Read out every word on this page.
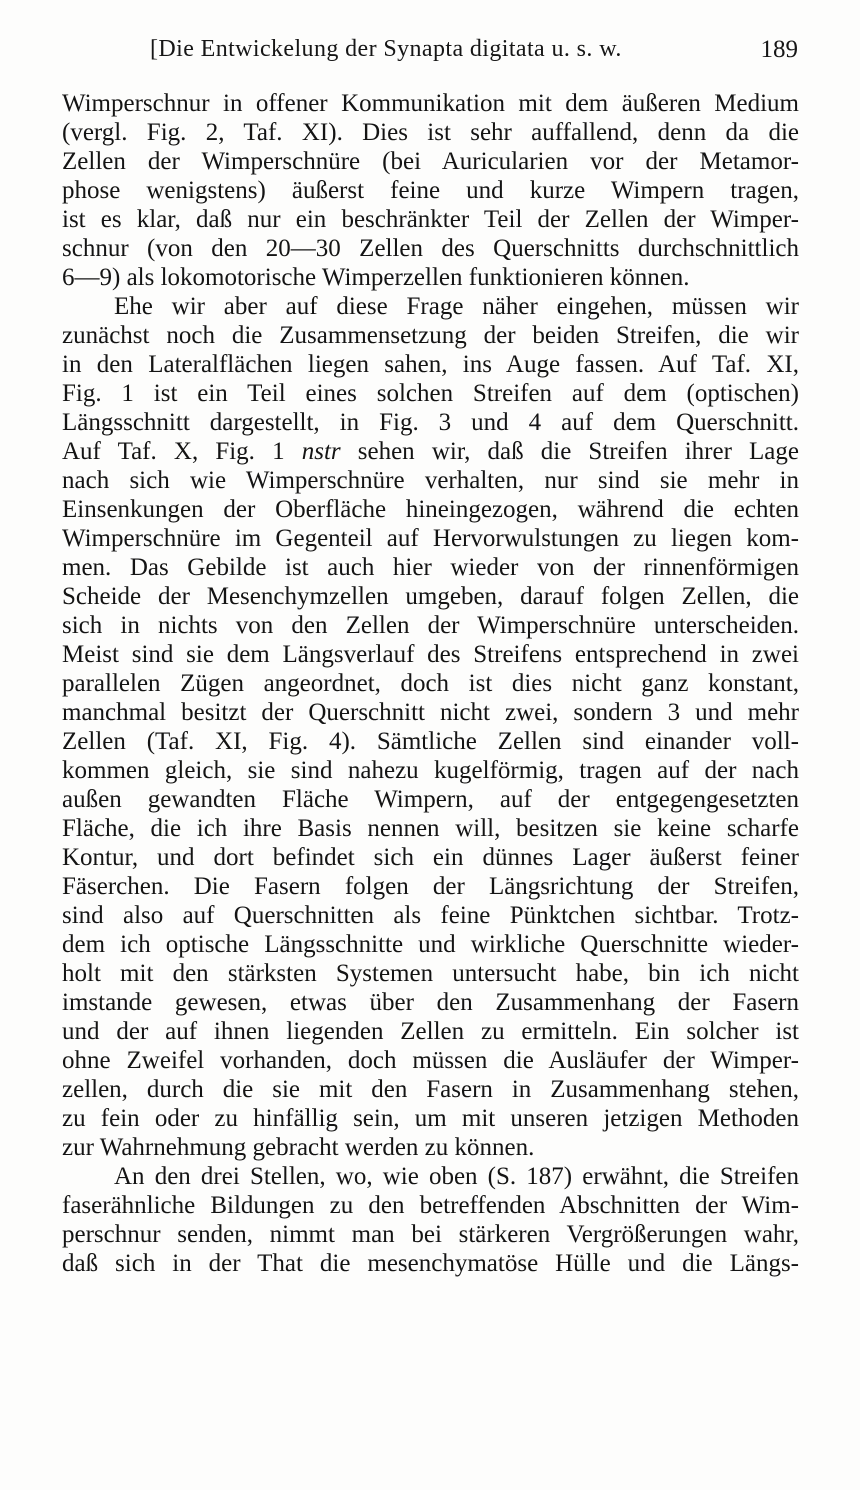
[Die Entwickelung der Synapta digitata u. s. w.	189
Wimperschnur in offener Kommunikation mit dem äußeren Medium
(vergl. Fig. 2, Taf. XI). Dies ist sehr auffallend, denn da die
Zellen der Wimperschnüre (bei Auricularien vor der Metamor-
phose wenigstens) äußerst feine und kurze Wimpern tragen,
ist es klar, daß nur ein beschränkter Teil der Zellen der Wimper-
schnur (von den 20—30 Zellen des Querschnitts durchschnittlich
6—9) als lokomotorische Wimperzellen funktionieren können.
Ehe wir aber auf diese Frage näher eingehen, müssen wir
zunächst noch die Zusammensetzung der beiden Streifen, die wir
in den Lateralflächen liegen sahen, ins Auge fassen. Auf Taf. XI,
Fig. 1 ist ein Teil eines solchen Streifen auf dem (optischen)
Längsschnitt dargestellt, in Fig. 3 und 4 auf dem Querschnitt.
Auf Taf. X, Fig. 1 nstr sehen wir, daß die Streifen ihrer Lage
nach sich wie Wimperschnüre verhalten, nur sind sie mehr in
Einsenkungen der Oberfläche hineingezogen, während die echten
Wimperschnüre im Gegenteil auf Hervorwulstungen zu liegen kom-
men. Das Gebilde ist auch hier wieder von der rinnenförmigen
Scheide der Mesenchymzellen umgeben, darauf folgen Zellen, die
sich in nichts von den Zellen der Wimperschnüre unterscheiden.
Meist sind sie dem Längsverlauf des Streifens entsprechend in zwei
parallelen Zügen angeordnet, doch ist dies nicht ganz konstant,
manchmal besitzt der Querschnitt nicht zwei, sondern 3 und mehr
Zellen (Taf. XI, Fig. 4). Sämtliche Zellen sind einander voll-
kommen gleich, sie sind nahezu kugelförmig, tragen auf der nach
außen gewandten Fläche Wimpern, auf der entgegengesetzten
Fläche, die ich ihre Basis nennen will, besitzen sie keine scharfe
Kontur, und dort befindet sich ein dünnes Lager äußerst feiner
Fäserchen. Die Fasern folgen der Längsrichtung der Streifen,
sind also auf Querschnitten als feine Pünktchen sichtbar. Trotz-
dem ich optische Längsschnitte und wirkliche Querschnitte wieder-
holt mit den stärksten Systemen untersucht habe, bin ich nicht
imstande gewesen, etwas über den Zusammenhang der Fasern
und der auf ihnen liegenden Zellen zu ermitteln. Ein solcher ist
ohne Zweifel vorhanden, doch müssen die Ausläufer der Wimper-
zellen, durch die sie mit den Fasern in Zusammenhang stehen,
zu fein oder zu hinfällig sein, um mit unseren jetzigen Methoden
zur Wahrnehmung gebracht werden zu können.
An den drei Stellen, wo, wie oben (S. 187) erwähnt, die Streifen
faserähnliche Bildungen zu den betreffenden Abschnitten der Wim-
perschnur senden, nimmt man bei stärkeren Vergrößerungen wahr,
daß sich in der That die mesenchymatöse Hülle und die Längs-
